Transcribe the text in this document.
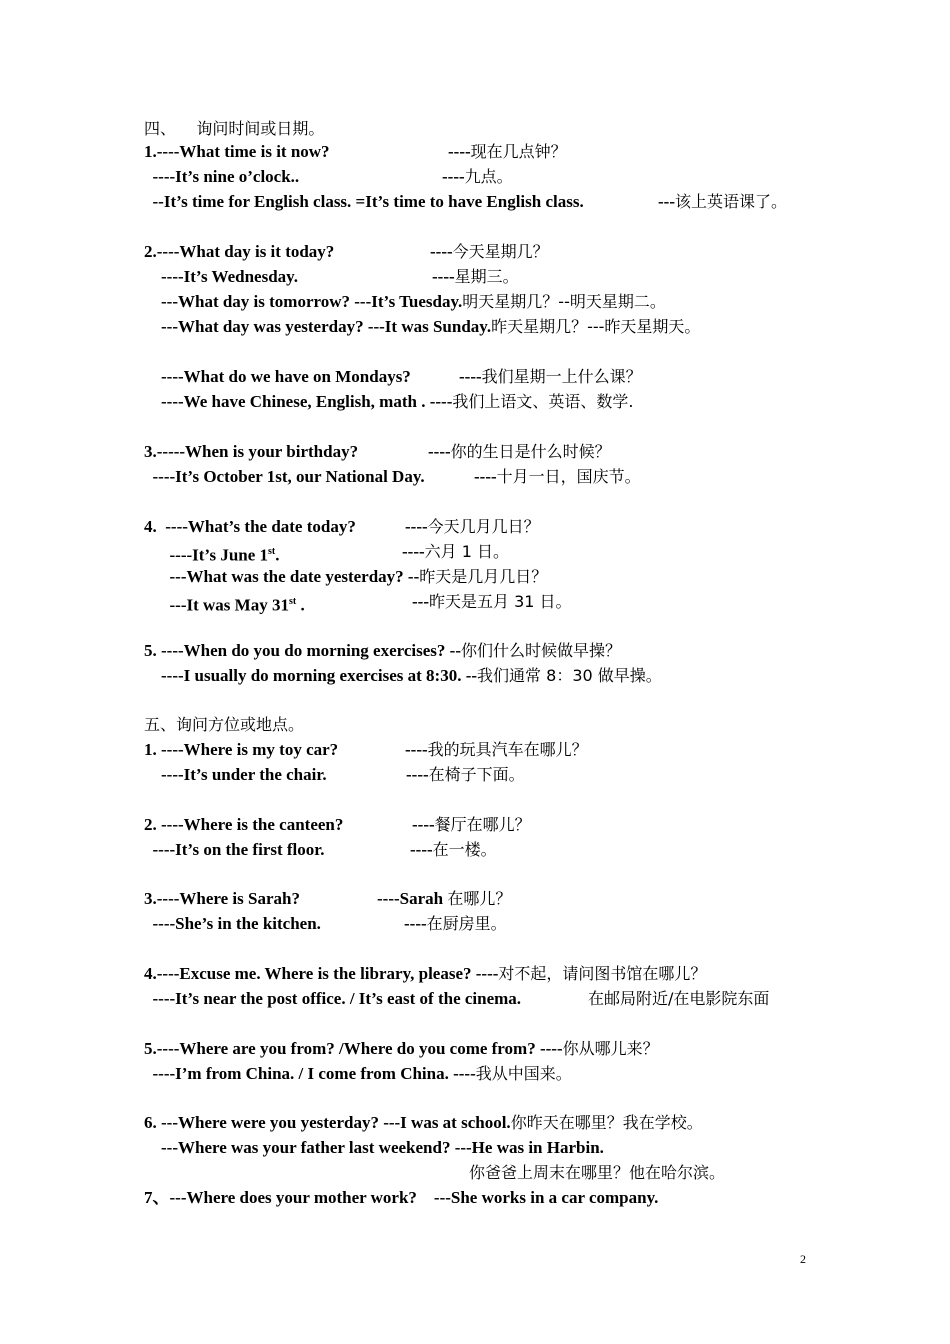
四、    询问时间或日期。
1.----What time is it now?	----现在几点钟？
----It’s nine o’clock..	----九点。
--It’s time for English class. =It’s time to have English class.	---该上英语课了。
2.----What day is it today?	----今天星期几？
----It’s Wednesday.	----星期三。
---What day is tomorrow? ---It’s Tuesday.明天星期几？--明天星期二。
---What day was yesterday? ---It was Sunday.昨天星期几？---昨天星期天。
----What do we have on Mondays?	----我们星期一上什么课？
----We have Chinese, English, math . ----我们上语文、英语、数学.
3.-----When is your birthday?	----你的生日是什么时候？
----It’s October 1st, our National Day.	----十月一日，国庆节。
4.  ----What’s the date today?	----今天几月几日？
----It’s June 1st.	----六月 1 日。
---What was the date yesterday? --昨天是几月几日？
---It was May 31st .	---昨天是五月 31 日。
5. ----When do you do morning exercises? --你们什么时候做早操？
----I usually do morning exercises at 8:30. --我们通常 8：30 做早操。
五、询问方位或地点。
1. ----Where is my toy car?	----我的玩具汽车在哪儿？
----It’s under the chair.	----在椅子下面。
2. ----Where is the canteen?	----餐厅在哪儿？
----It’s on the first floor.	----在一楼。
3.----Where is Sarah?	----Sarah 在哪儿？
----She’s in the kitchen.	----在厨房里。
4.----Excuse me. Where is the library, please? ----对不起，请问图书馆在哪儿？
----It’s near the post office. / It’s east of the cinema.	在邮局附近/在电影院东面
5.----Where are you from? /Where do you come from? ----你从哪儿来？
----I’m from China. / I come from China. ----我从中国来。
6. ---Where were you yesterday? ---I was at school.你昨天在哪里？我在学校。
---Where was your father last weekend? ---He was in Harbin.
你爸爸上周末在哪里？他在哈尔滨。
7、---Where does your mother work?    ---She works in a car company.
2
